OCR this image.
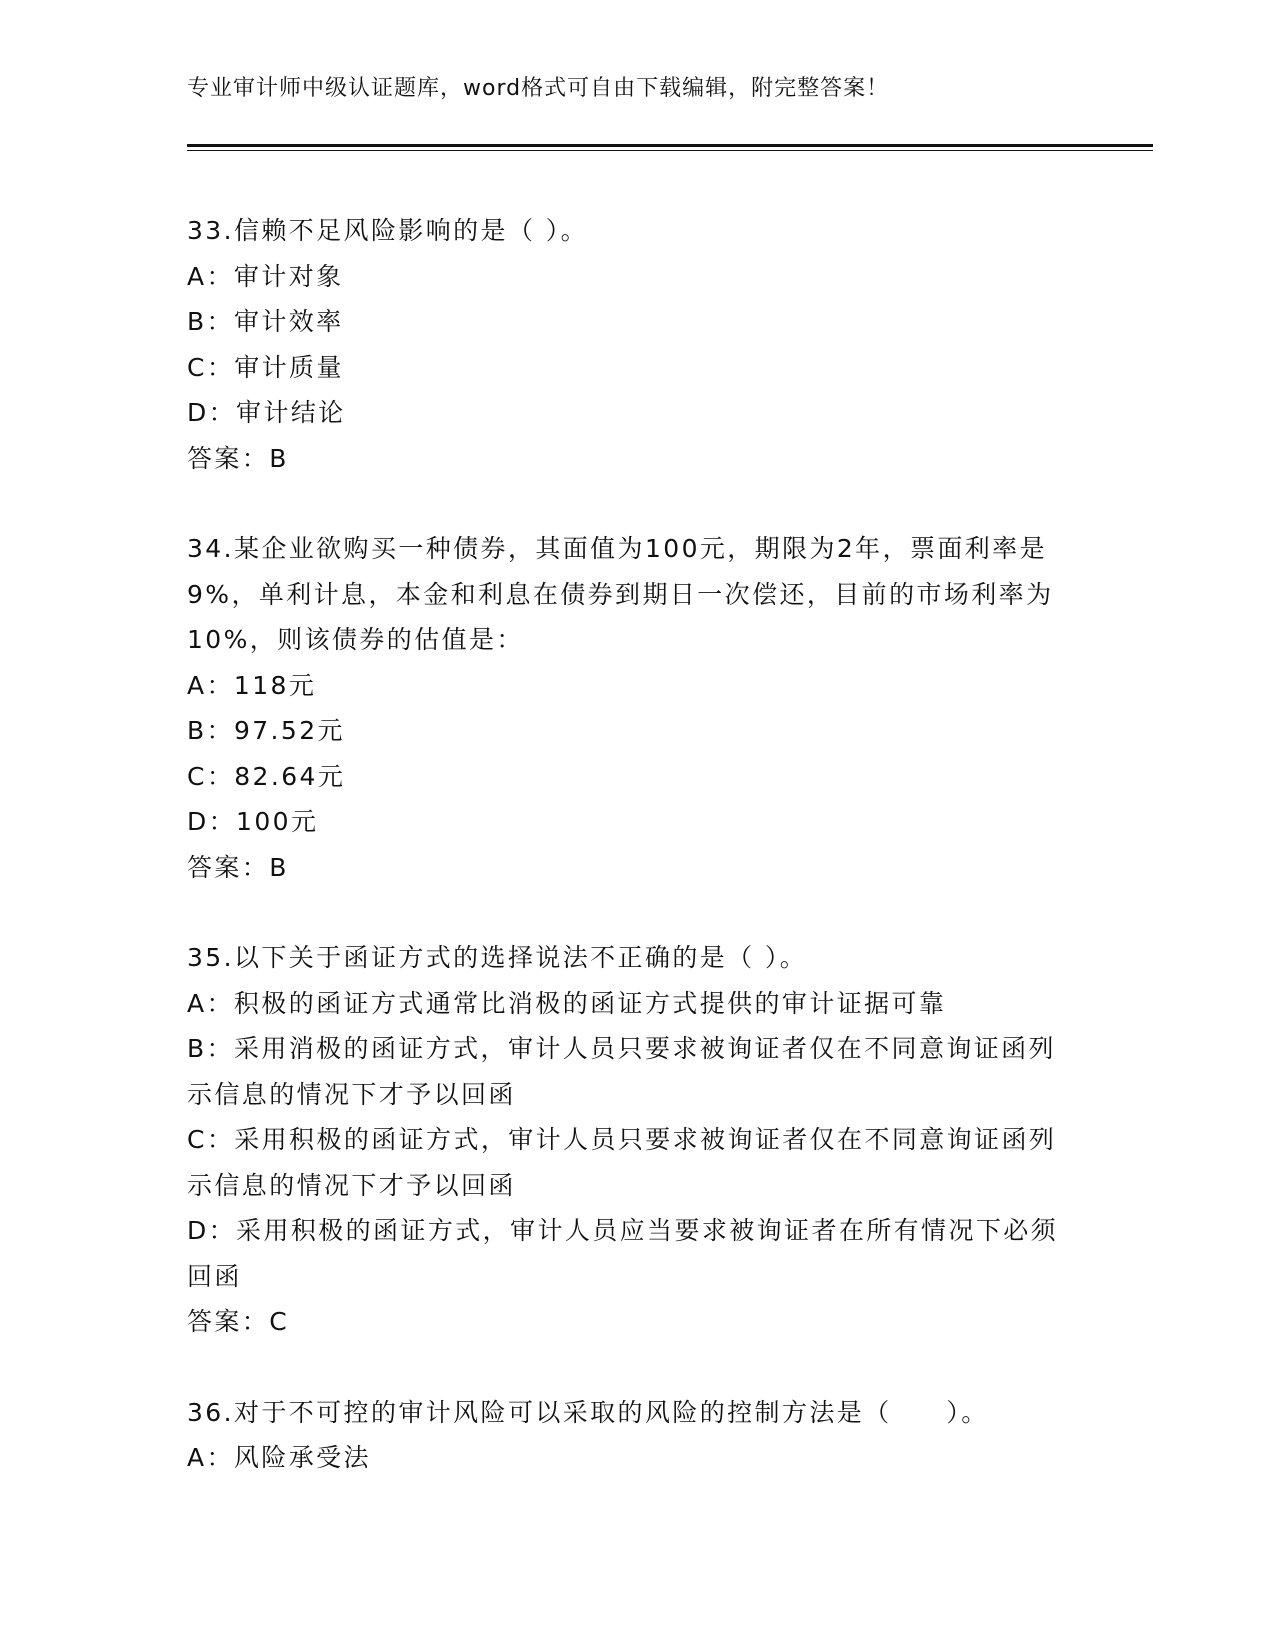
专业审计师中级认证题库，word格式可自由下载编辑，附完整答案！
33.信赖不足风险影响的是（ ）。
A：审计对象
B：审计效率
C：审计质量
D：审计结论
答案：B
34.某企业欲购买一种债券，其面值为100元，期限为2年，票面利率是9%，单利计息，本金和利息在债券到期日一次偿还，目前的市场利率为10%，则该债券的估值是：
A：118元
B：97.52元
C：82.64元
D：100元
答案：B
35.以下关于函证方式的选择说法不正确的是（ ）。
A：积极的函证方式通常比消极的函证方式提供的审计证据可靠
B：采用消极的函证方式，审计人员只要求被询证者仅在不同意询证函列示信息的情况下才予以回函
C：采用积极的函证方式，审计人员只要求被询证者仅在不同意询证函列示信息的情况下才予以回函
D：采用积极的函证方式，审计人员应当要求被询证者在所有情况下必须回函
答案：C
36.对于不可控的审计风险可以采取的风险的控制方法是（　　）。
A：风险承受法
